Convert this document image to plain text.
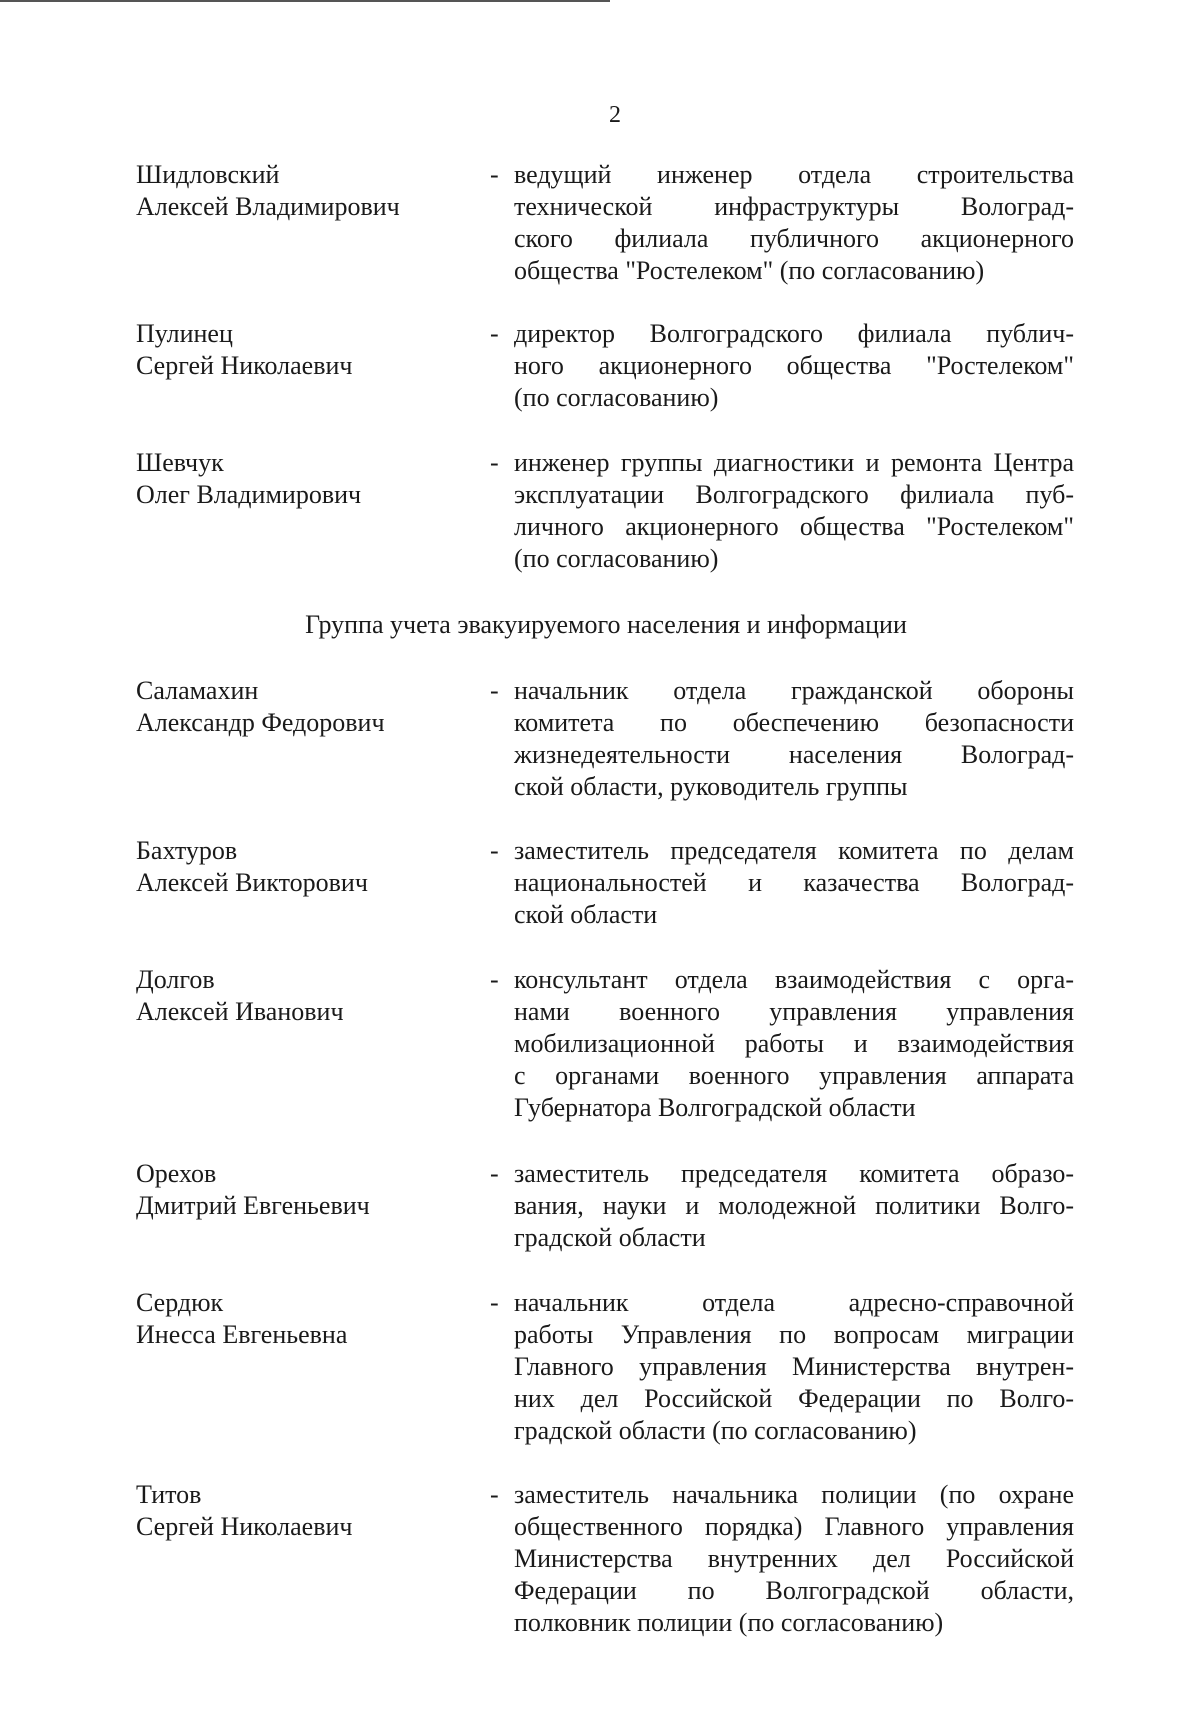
2
Шидловский
Алексей Владимирович
- ведущий инженер отдела строительства
технической инфраструктуры Волоград-
ского филиала публичного акционерного
общества "Ростелеком" (по согласованию)
Пулинец
Сергей Николаевич
- директор Волгоградского филиала публич-
ного акционерного общества "Ростелеком"
(по согласованию)
Шевчук
Олег Владимирович
- инженер группы диагностики и ремонта Центра
эксплуатации Волгоградского филиала пуб-
личного акционерного общества "Ростелеком"
(по согласованию)
Группа учета эвакуируемого населения и информации
Саламахин
Александр Федорович
- начальник отдела гражданской обороны
комитета по обеспечению безопасности
жизнедеятельности населения Волоград-
ской области, руководитель группы
Бахтуров
Алексей Викторович
- заместитель председателя комитета по делам
национальностей и казачества Волоград-
ской области
Долгов
Алексей Иванович
- консультант отдела взаимодействия с орга-
нами военного управления управления
мобилизационной работы и взаимодействия
с органами военного управления аппарата
Губернатора Волгоградской области
Орехов
Дмитрий Евгеньевич
- заместитель председателя комитета образо-
вания, науки и молодежной политики Волго-
градской области
Сердюк
Инесса Евгеньевна
- начальник отдела адресно-справочной
работы Управления по вопросам миграции
Главного управления Министерства внутрен-
них дел Российской Федерации по Волго-
градской области (по согласованию)
Титов
Сергей Николаевич
- заместитель начальника полиции (по охране
общественного порядка) Главного управления
Министерства внутренних дел Российской
Федерации по Волгоградской области,
полковник полиции (по согласованию)
